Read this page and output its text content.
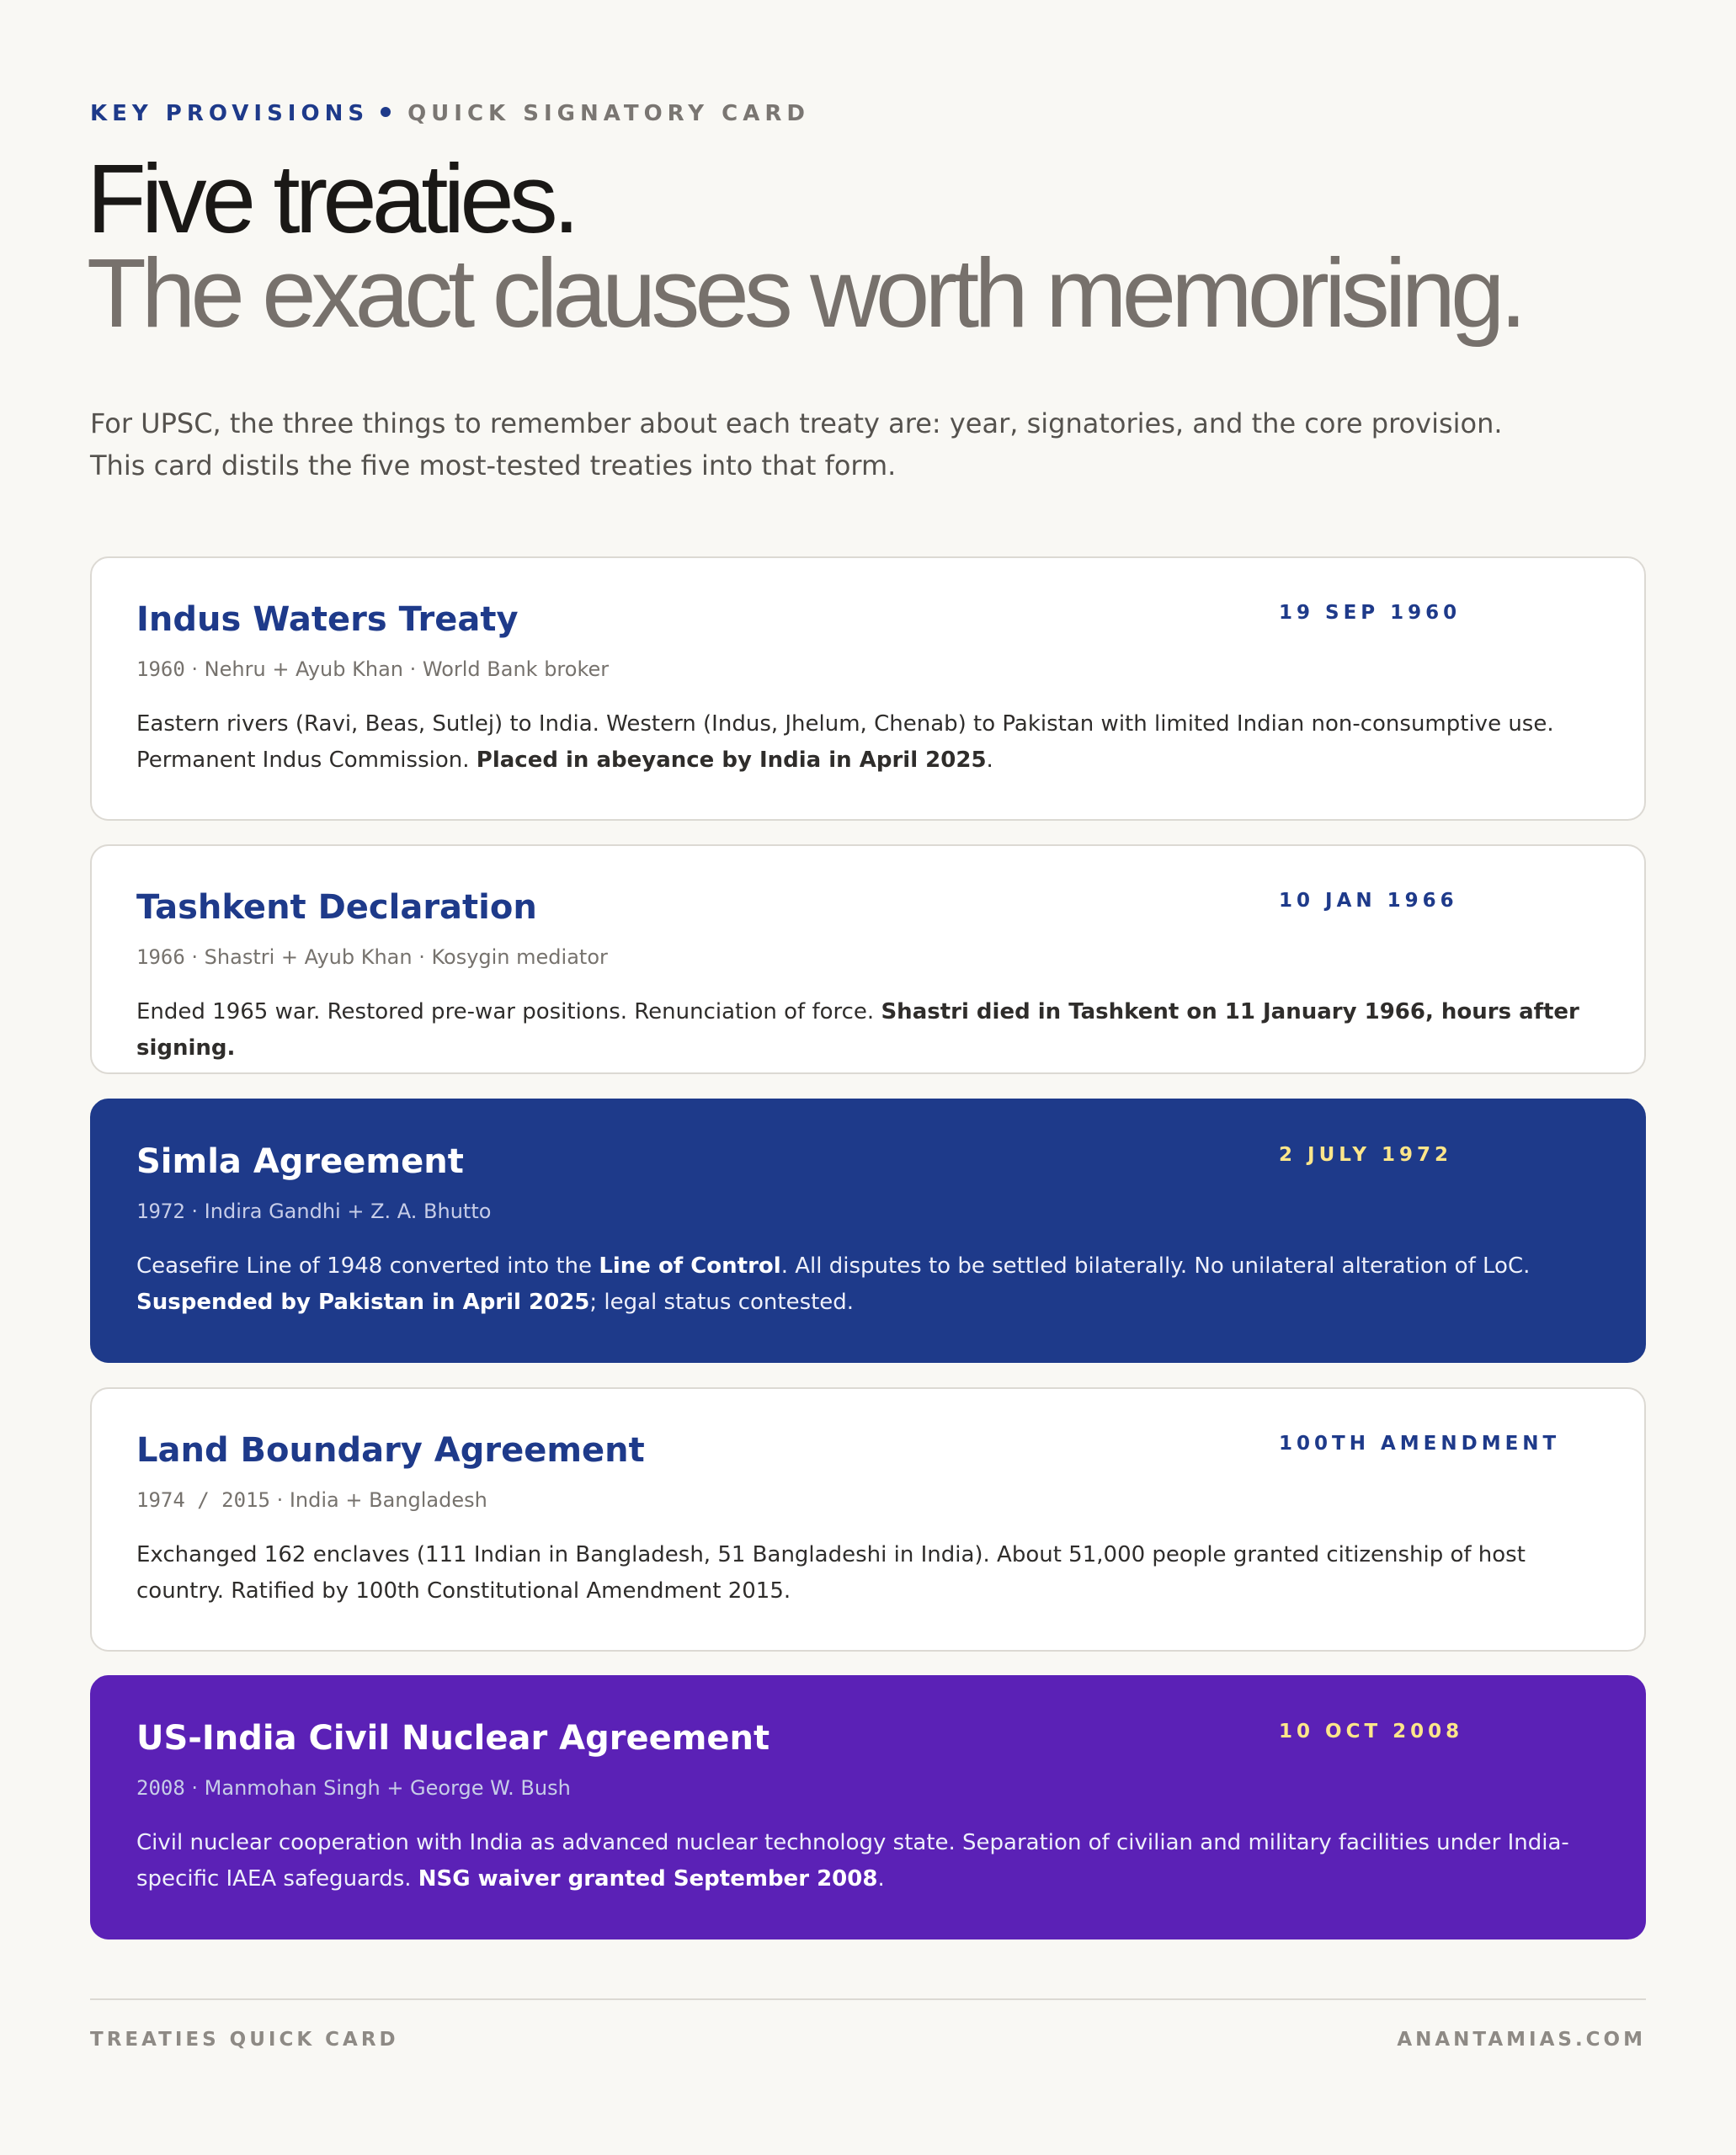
KEY PROVISIONS QUICK SIGNATORY CARD
Five treaties.
The exact clauses worth memorising.

For UPSC, the three things to remember about each treaty are: year, signatories, and the core provision. This card distils the five most-tested treaties into that form.

Indus Waters Treaty	19 SEP 1960
1960 · Nehru + Ayub Khan · World Bank broker
Eastern rivers (Ravi, Beas, Sutlej) to India. Western (Indus, Jhelum, Chenab) to Pakistan with limited Indian non-consumptive use. Permanent Indus Commission. Placed in abeyance by India in April 2025.
Tashkent Declaration	10 JAN 1966
1966 · Shastri + Ayub Khan · Kosygin mediator
Ended 1965 war. Restored pre-war positions. Renunciation of force. Shastri died in Tashkent on 11 January 1966, hours after signing.
Simla Agreement	2 JULY 1972
1972 · Indira Gandhi + Z. A. Bhutto
Ceasefire Line of 1948 converted into the Line of Control. All disputes to be settled bilaterally. No unilateral alteration of LoC. Suspended by Pakistan in April 2025; legal status contested.
Land Boundary Agreement	100TH AMENDMENT
1974 / 2015 · India + Bangladesh
Exchanged 162 enclaves (111 Indian in Bangladesh, 51 Bangladeshi in India). About 51,000 people granted citizenship of host country. Ratified by 100th Constitutional Amendment 2015.
US-India Civil Nuclear Agreement	10 OCT 2008
2008 · Manmohan Singh + George W. Bush
Civil nuclear cooperation with India as advanced nuclear technology state. Separation of civilian and military facilities under India-specific IAEA safeguards. NSG waiver granted September 2008.
TREATIES QUICK CARD	ANANTAMIAS.COM
